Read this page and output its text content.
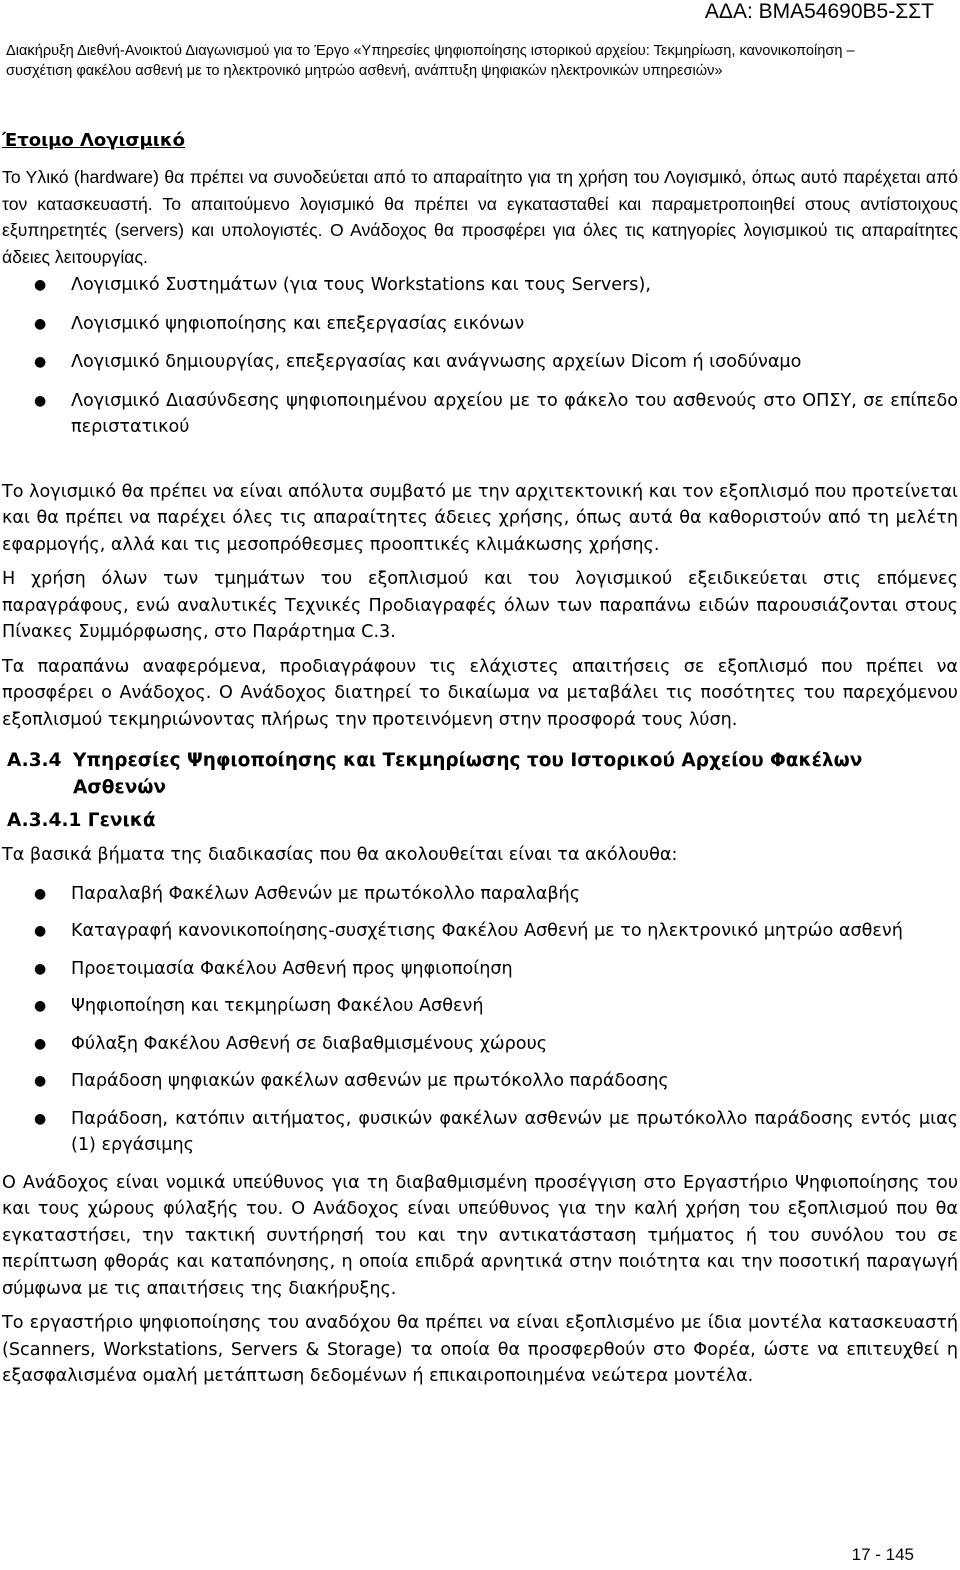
ΑΔΑ: ΒΜΑ54690Β5-ΣΣΤ
Διακήρυξη Διεθνή-Ανοικτού Διαγωνισμού για το Έργο «Υπηρεσίες ψηφιοποίησης ιστορικού αρχείου: Τεκμηρίωση, κανονικοποίηση –
συσχέτιση φακέλου ασθενή με το ηλεκτρονικό μητρώο ασθενή, ανάπτυξη ψηφιακών ηλεκτρονικών υπηρεσιών»
Έτοιμο Λογισμικό

Το Υλικό (hardware) θα πρέπει να συνοδεύεται από το απαραίτητο για τη χρήση του Λογισμικό, όπως αυτό παρέχεται από τον κατασκευαστή. Το απαιτούμενο λογισμικό θα πρέπει να εγκατασταθεί και παραμετροποιηθεί στους αντίστοιχους εξυπηρετητές (servers) και υπολογιστές. Ο Ανάδοχος θα προσφέρει για όλες τις κατηγορίες λογισμικού τις απαραίτητες άδειες λειτουργίας.

● Λογισμικό Συστημάτων (για τους Workstations και τους Servers),
● Λογισμικό ψηφιοποίησης και επεξεργασίας εικόνων
● Λογισμικό δημιουργίας, επεξεργασίας και ανάγνωσης αρχείων Dicom ή ισοδύναμο
● Λογισμικό Διασύνδεσης ψηφιοποιημένου αρχείου με το φάκελο του ασθενούς στο ΟΠΣΥ, σε επίπεδο περιστατικού

Το λογισμικό θα πρέπει να είναι απόλυτα συμβατό με την αρχιτεκτονική και τον εξοπλισμό που προτείνεται και θα πρέπει να παρέχει όλες τις απαραίτητες άδειες χρήσης, όπως αυτά θα καθοριστούν από τη μελέτη εφαρμογής, αλλά και τις μεσοπρόθεσμες προοπτικές κλιμάκωσης χρήσης.

Η χρήση όλων των τμημάτων του εξοπλισμού και του λογισμικού εξειδικεύεται στις επόμενες παραγράφους, ενώ αναλυτικές Τεχνικές Προδιαγραφές όλων των παραπάνω ειδών παρουσιάζονται στους Πίνακες Συμμόρφωσης, στο Παράρτημα C.3.

Τα παραπάνω αναφερόμενα, προδιαγράφουν τις ελάχιστες απαιτήσεις σε εξοπλισμό που πρέπει να προσφέρει ο Ανάδοχος. Ο Ανάδοχος διατηρεί το δικαίωμα να μεταβάλει τις ποσότητες του παρεχόμενου εξοπλισμού τεκμηριώνοντας πλήρως την προτεινόμενη στην προσφορά τους λύση.

A.3.4 Υπηρεσίες Ψηφιοποίησης και Τεκμηρίωσης του Ιστορικού Αρχείου Φακέλων Ασθενών
A.3.4.1 Γενικά

Τα βασικά βήματα της διαδικασίας που θα ακολουθείται είναι τα ακόλουθα:

● Παραλαβή Φακέλων Ασθενών με πρωτόκολλο παραλαβής
● Καταγραφή κανονικοποίησης-συσχέτισης Φακέλου Ασθενή με το ηλεκτρονικό μητρώο ασθενή
● Προετοιμασία Φακέλου Ασθενή προς ψηφιοποίηση
● Ψηφιοποίηση και τεκμηρίωση Φακέλου Ασθενή
● Φύλαξη Φακέλου Ασθενή σε διαβαθμισμένους χώρους
● Παράδοση ψηφιακών φακέλων ασθενών με πρωτόκολλο παράδοσης
● Παράδοση, κατόπιν αιτήματος, φυσικών φακέλων ασθενών με πρωτόκολλο παράδοσης εντός μιας (1) εργάσιμης

Ο Ανάδοχος είναι νομικά υπεύθυνος για τη διαβαθμισμένη προσέγγιση στο Εργαστήριο Ψηφιοποίησης του και τους χώρους φύλαξής του. Ο Ανάδοχος είναι υπεύθυνος για την καλή χρήση του εξοπλισμού που θα εγκαταστήσει, την τακτική συντήρησή του και την αντικατάσταση τμήματος ή του συνόλου του σε περίπτωση φθοράς και καταπόνησης, η οποία επιδρά αρνητικά στην ποιότητα και την ποσοτική παραγωγή σύμφωνα με τις απαιτήσεις της διακήρυξης.

Το εργαστήριο ψηφιοποίησης του αναδόχου θα πρέπει να είναι εξοπλισμένο με ίδια μοντέλα κατασκευαστή (Scanners, Workstations, Servers & Storage) τα οποία θα προσφερθούν στο Φορέα, ώστε να επιτευχθεί η εξασφαλισμένα ομαλή μετάπτωση δεδομένων ή επικαιροποιημένα νεώτερα μοντέλα.

17 - 145
